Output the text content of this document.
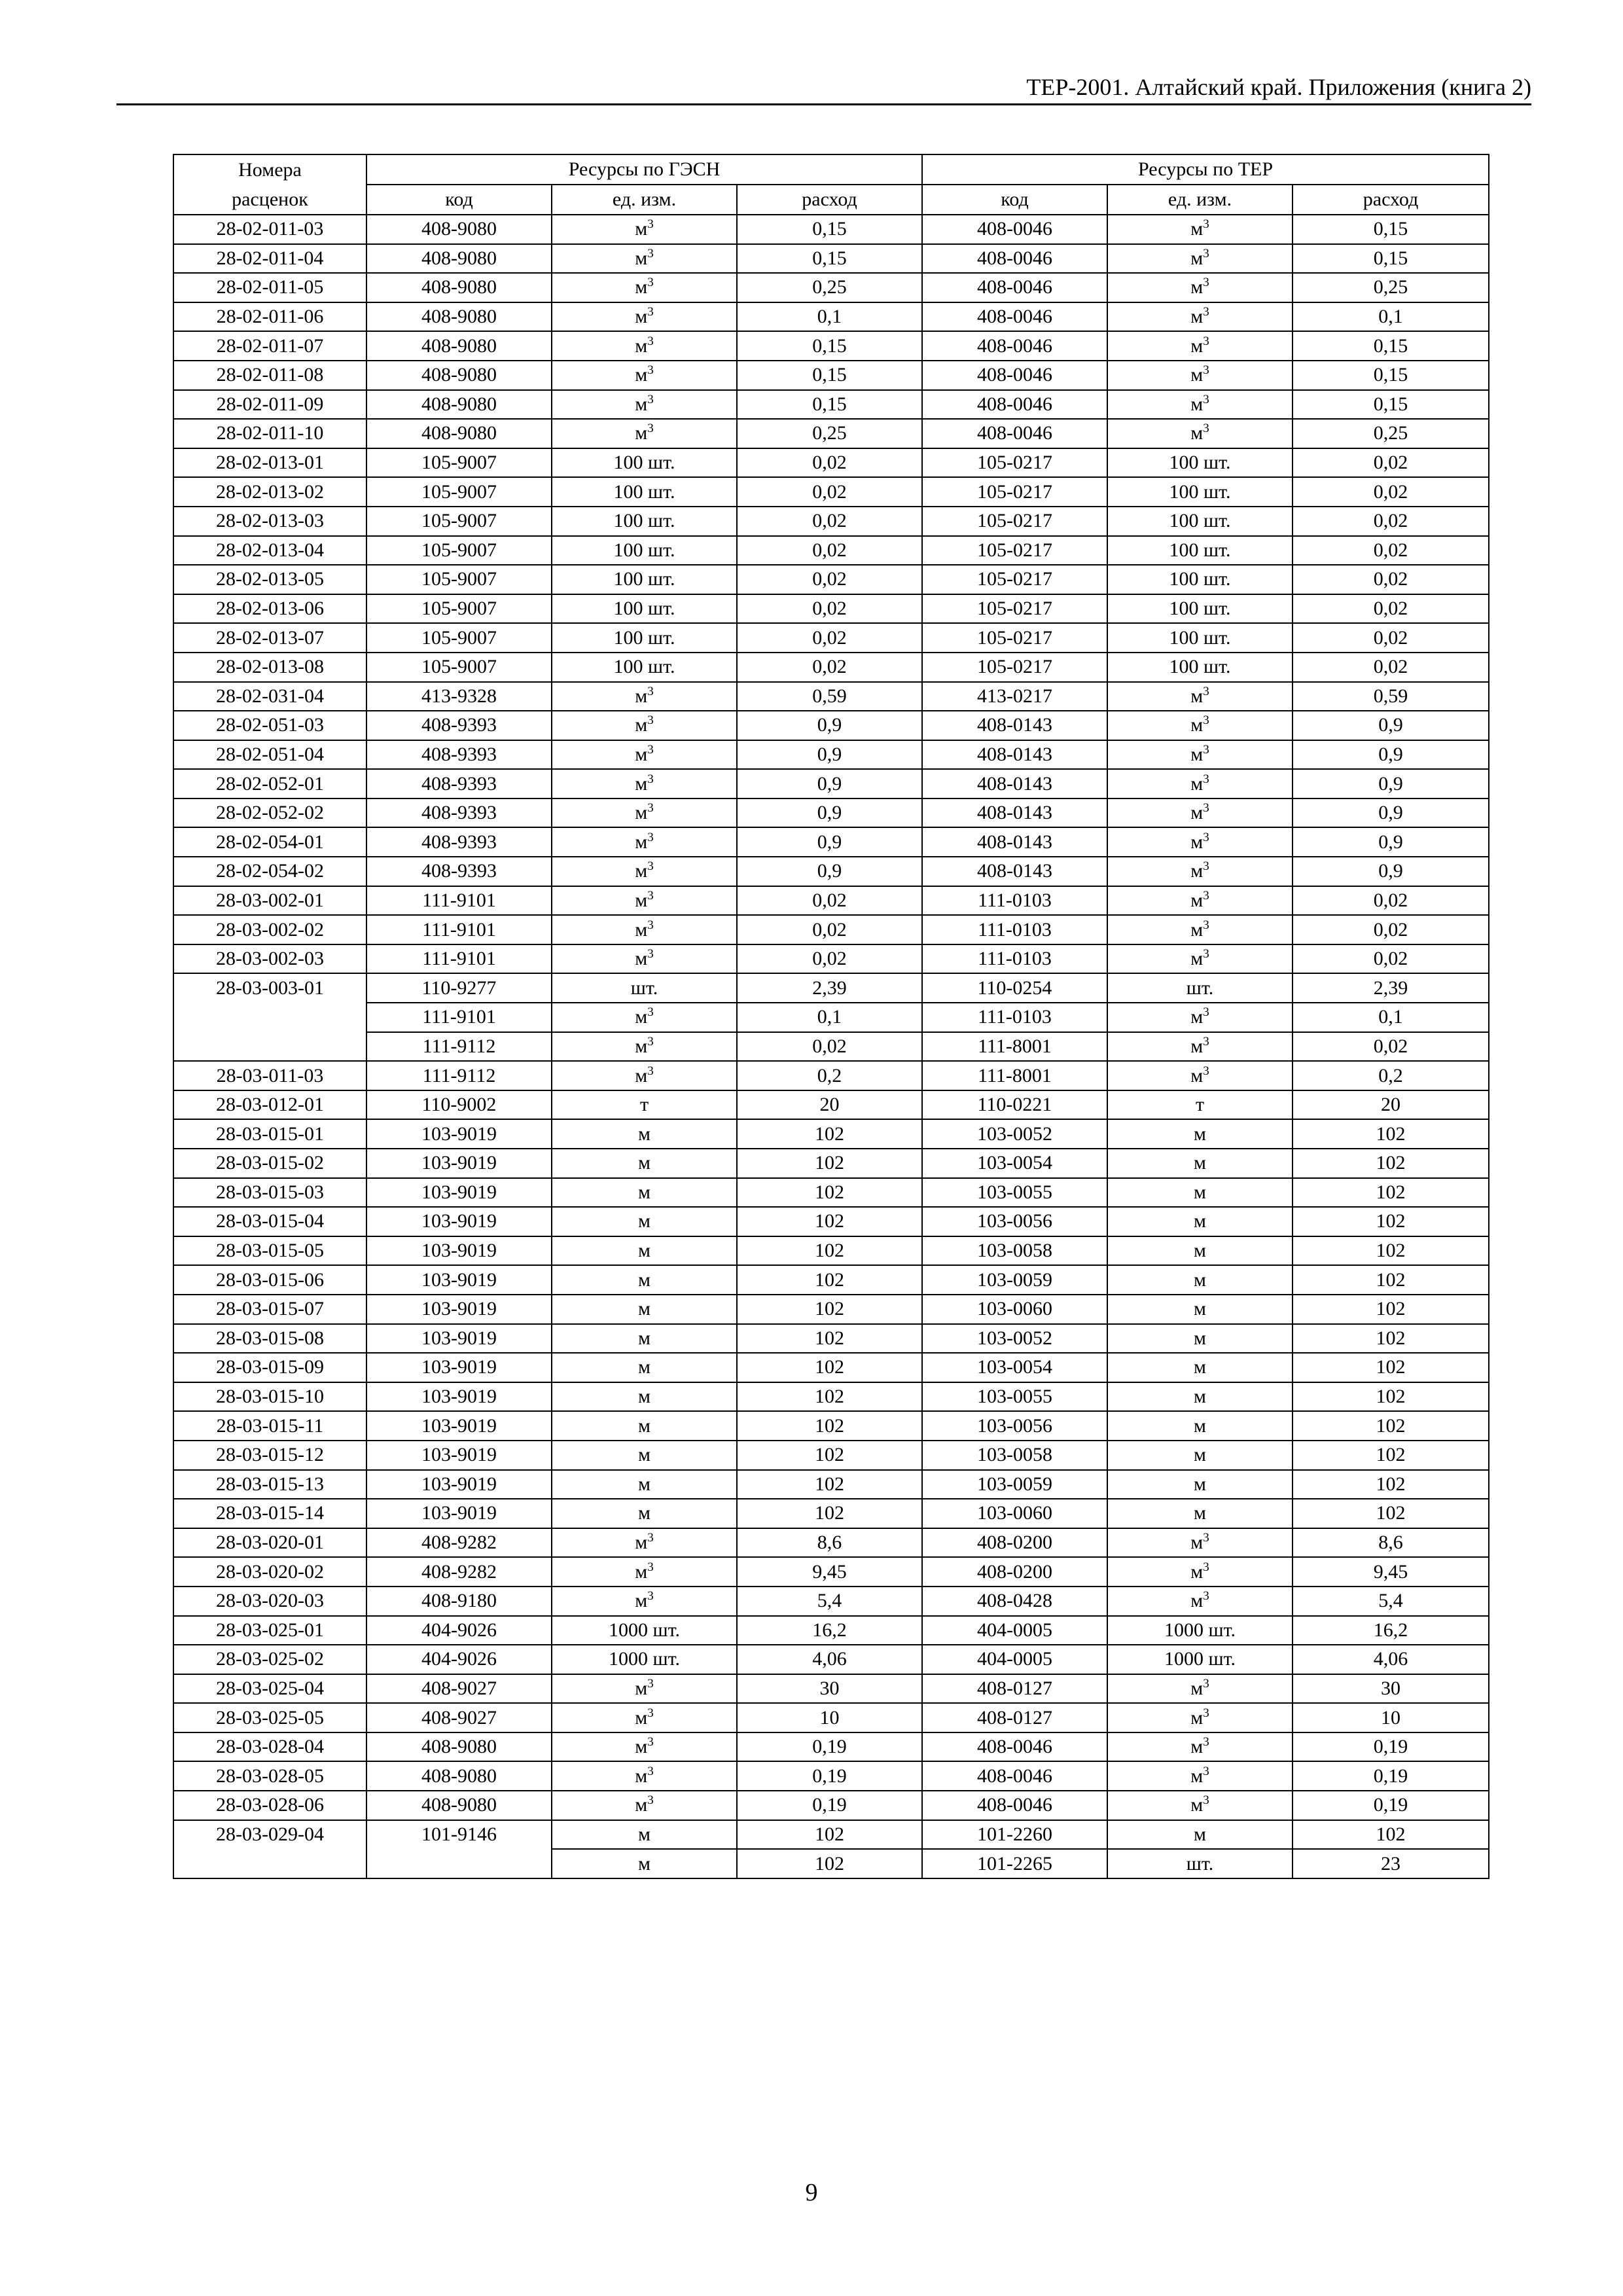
ТЕР-2001. Алтайский край. Приложения (книга 2)
Номера	Ресурсы по ГЭСН			Ресурсы по ТЕР		
расценок	код	ед. изм.	расход	код	ед. изм.	расход
28-02-011-03	408-9080	$м^3$	0,15	408-0046	$м^3$	0,15
28-02-011-04	408-9080	$м^3$	0,15	408-0046	$м^3$	0,15
28-02-011-05	408-9080	$м^3$	0,25	408-0046	$м^3$	0,25
28-02-011-06	408-9080	$м^3$	0,1	408-0046	$м^3$	0,1
28-02-011-07	408-9080	$м^3$	0,15	408-0046	$м^3$	0,15
28-02-011-08	408-9080	$м^3$	0,15	408-0046	$м^3$	0,15
28-02-011-09	408-9080	$м^3$	0,15	408-0046	$м^3$	0,15
28-02-011-10	408-9080	$м^3$	0,25	408-0046	$м^3$	0,25
28-02-013-01	105-9007	100 шт.	0,02	105-0217	100 шт.	0,02
28-02-013-02	105-9007	100 шт.	0,02	105-0217	100 шт.	0,02
28-02-013-03	105-9007	100 шт.	0,02	105-0217	100 шт.	0,02
28-02-013-04	105-9007	100 шт.	0,02	105-0217	100 шт.	0,02
28-02-013-05	105-9007	100 шт.	0,02	105-0217	100 шт.	0,02
28-02-013-06	105-9007	100 шт.	0,02	105-0217	100 шт.	0,02
28-02-013-07	105-9007	100 шт.	0,02	105-0217	100 шт.	0,02
28-02-013-08	105-9007	100 шт.	0,02	105-0217	100 шт.	0,02
28-02-031-04	413-9328	$м^3$	0,59	413-0217	$м^3$	0,59
28-02-051-03	408-9393	$м^3$	0,9	408-0143	$м^3$	0,9
28-02-051-04	408-9393	$м^3$	0,9	408-0143	$м^3$	0,9
28-02-052-01	408-9393	$м^3$	0,9	408-0143	$м^3$	0,9
28-02-052-02	408-9393	$м^3$	0,9	408-0143	$м^3$	0,9
28-02-054-01	408-9393	$м^3$	0,9	408-0143	$м^3$	0,9
28-02-054-02	408-9393	$м^3$	0,9	408-0143	$м^3$	0,9
28-03-002-01	111-9101	$м^3$	0,02	111-0103	$м^3$	0,02
28-03-002-02	111-9101	$м^3$	0,02	111-0103	$м^3$	0,02
28-03-002-03	111-9101	$м^3$	0,02	111-0103	$м^3$	0,02
28-03-003-01	110-9277	шт.	2,39	110-0254	шт.	2,39
	111-9101	$м^3$	0,1	111-0103	$м^3$	0,1
	111-9112	$м^3$	0,02	111-8001	$м^3$	0,02
28-03-011-03	111-9112	$м^3$	0,2	111-8001	$м^3$	0,2
28-03-012-01	110-9002	т	20	110-0221	т	20
28-03-015-01	103-9019	м	102	103-0052	м	102
28-03-015-02	103-9019	м	102	103-0054	м	102
28-03-015-03	103-9019	м	102	103-0055	м	102
28-03-015-04	103-9019	м	102	103-0056	м	102
28-03-015-05	103-9019	м	102	103-0058	м	102
28-03-015-06	103-9019	м	102	103-0059	м	102
28-03-015-07	103-9019	м	102	103-0060	м	102
28-03-015-08	103-9019	м	102	103-0052	м	102
28-03-015-09	103-9019	м	102	103-0054	м	102
28-03-015-10	103-9019	м	102	103-0055	м	102
28-03-015-11	103-9019	м	102	103-0056	м	102
28-03-015-12	103-9019	м	102	103-0058	м	102
28-03-015-13	103-9019	м	102	103-0059	м	102
28-03-015-14	103-9019	м	102	103-0060	м	102
28-03-020-01	408-9282	$м^3$	8,6	408-0200	$м^3$	8,6
28-03-020-02	408-9282	$м^3$	9,45	408-0200	$м^3$	9,45
28-03-020-03	408-9180	$м^3$	5,4	408-0428	$м^3$	5,4
28-03-025-01	404-9026	1000 шт.	16,2	404-0005	1000 шт.	16,2
28-03-025-02	404-9026	1000 шт.	4,06	404-0005	1000 шт.	4,06
28-03-025-04	408-9027	$м^3$	30	408-0127	$м^3$	30
28-03-025-05	408-9027	$м^3$	10	408-0127	$м^3$	10
28-03-028-04	408-9080	$м^3$	0,19	408-0046	$м^3$	0,19
28-03-028-05	408-9080	$м^3$	0,19	408-0046	$м^3$	0,19
28-03-028-06	408-9080	$м^3$	0,19	408-0046	$м^3$	0,19
28-03-029-04	101-9146	м	102	101-2260	м	102
		м	102	101-2265	шт.	23
9
